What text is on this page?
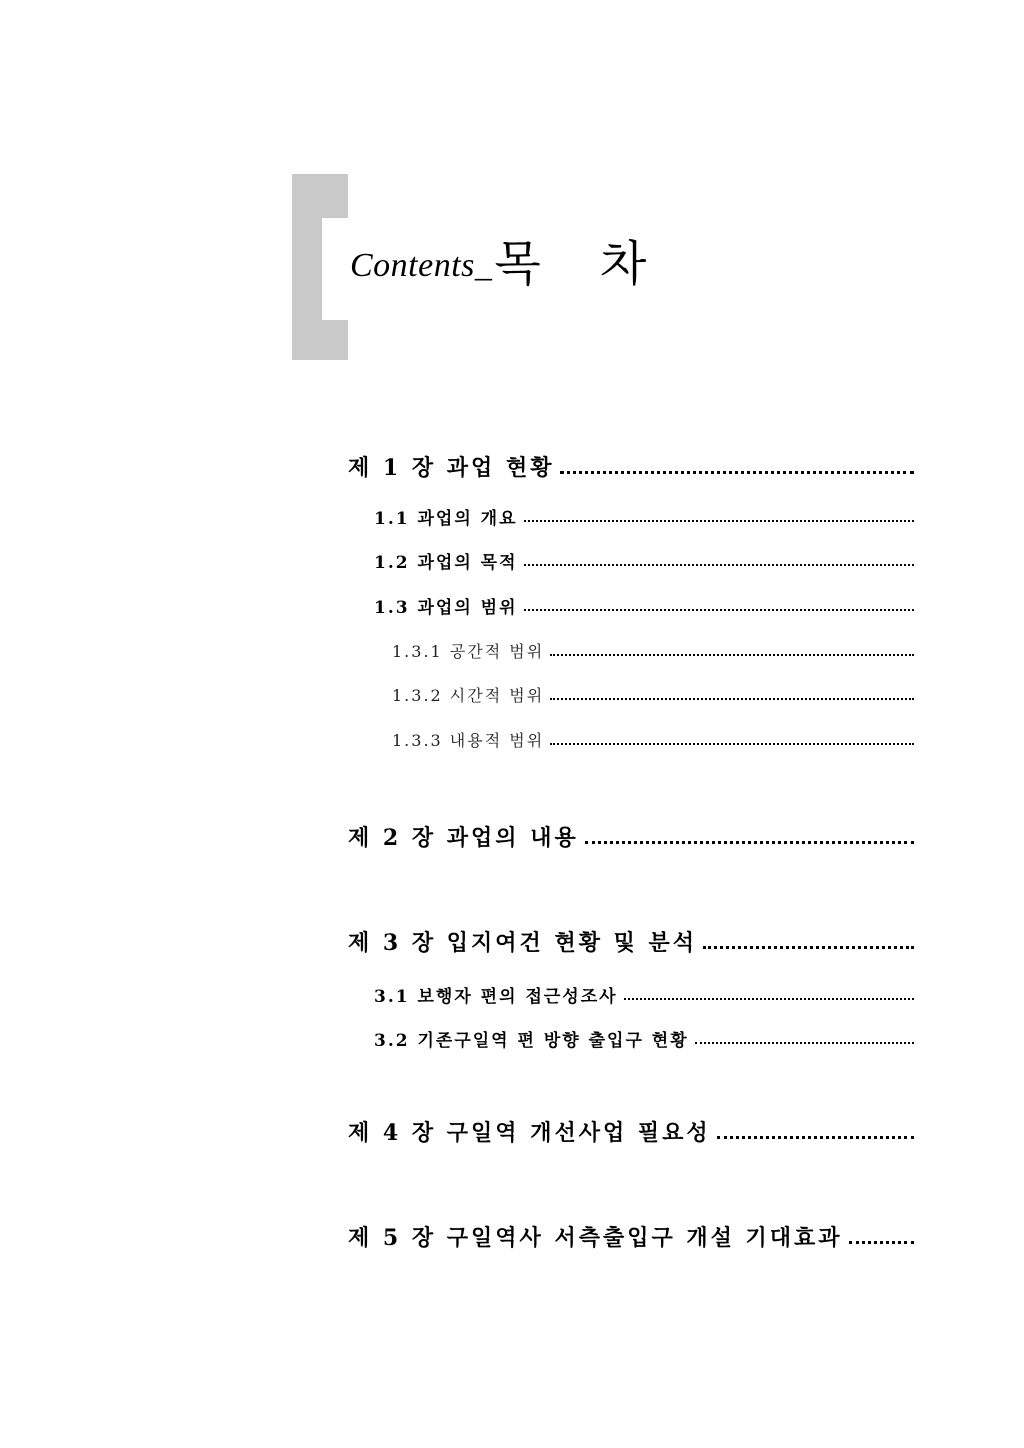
Contents_목 차
제 1 장 과업 현황
1.1 과업의 개요
1.2 과업의 목적
1.3 과업의 범위
1.3.1 공간적 범위
1.3.2 시간적 범위
1.3.3 내용적 범위
제 2 장 과업의 내용
제 3 장 입지여건 현황 및 분석
3.1 보행자 편의 접근성조사
3.2 기존구일역 편 방향 출입구 현황
제 4 장 구일역 개선사업 필요성
제 5 장 구일역사 서측출입구 개설 기대효과
